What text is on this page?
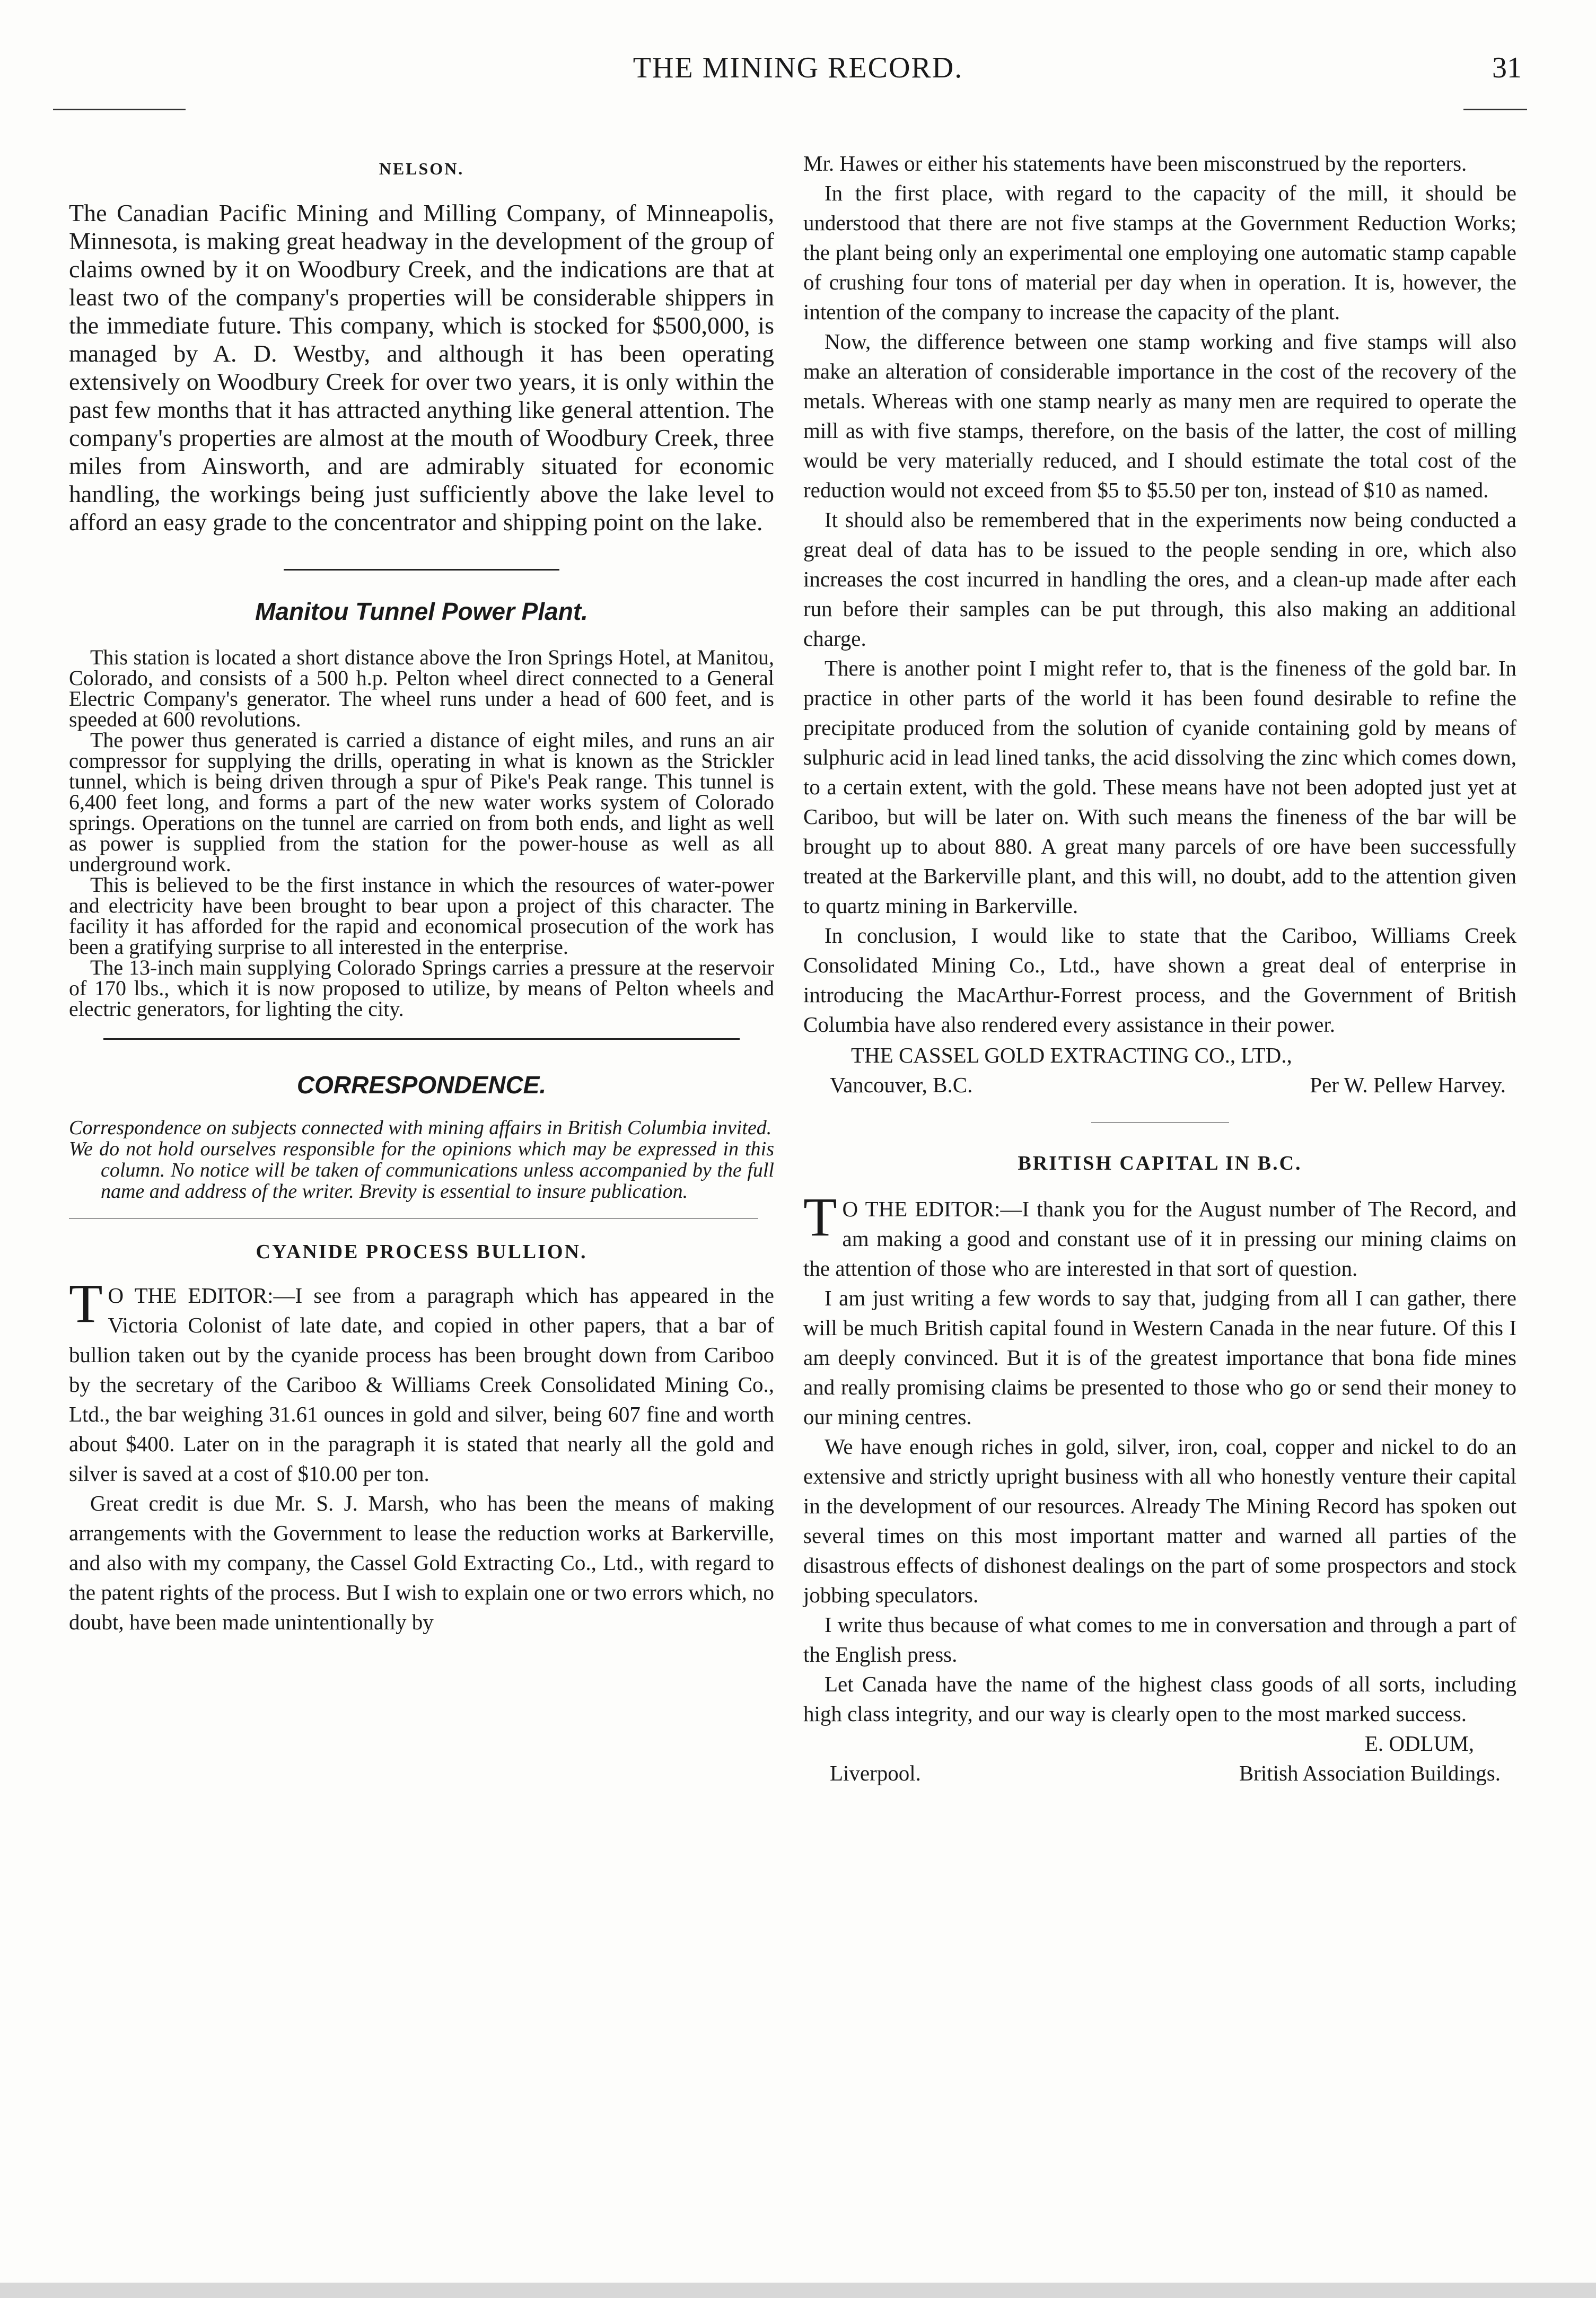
THE MINING RECORD.	31
NELSON.

The Canadian Pacific Mining and Milling Company, of Minneapolis, Minnesota, is making great headway in the development of the group of claims owned by it on Woodbury Creek, and the indications are that at least two of the company's properties will be considerable shippers in the immediate future. This company, which is stocked for $500,000, is managed by A. D. Westby, and although it has been operating extensively on Woodbury Creek for over two years, it is only within the past few months that it has attracted anything like general attention. The company's properties are almost at the mouth of Woodbury Creek, three miles from Ainsworth, and are admirably situated for economic handling, the workings being just sufficiently above the lake level to afford an easy grade to the concentrator and shipping point on the lake.

Manitou Tunnel Power Plant.

This station is located a short distance above the Iron Springs Hotel, at Manitou, Colorado, and consists of a 500 h.p. Pelton wheel direct connected to a General Electric Company's generator. The wheel runs under a head of 600 feet, and is speeded at 600 revolutions.

The power thus generated is carried a distance of eight miles, and runs an air compressor for supplying the drills, operating in what is known as the Strickler tunnel, which is being driven through a spur of Pike's Peak range. This tunnel is 6,400 feet long, and forms a part of the new water works system of Colorado springs. Operations on the tunnel are carried on from both ends, and light as well as power is supplied from the station for the power-house as well as all underground work.

This is believed to be the first instance in which the resources of water-power and electricity have been brought to bear upon a project of this character. The facility it has afforded for the rapid and economical prosecution of the work has been a gratifying surprise to all interested in the enterprise.

The 13-inch main supplying Colorado Springs carries a pressure at the reservoir of 170 lbs., which it is now proposed to utilize, by means of Pelton wheels and electric generators, for lighting the city.

CORRESPONDENCE.

Correspondence on subjects connected with mining affairs in British Columbia invited.

We do not hold ourselves responsible for the opinions which may be expressed in this column. No notice will be taken of communications unless accompanied by the full name and address of the writer. Brevity is essential to insure publication.

CYANIDE PROCESS BULLION.

T O THE EDITOR:—I see from a paragraph which has appeared in the Victoria Colonist of late date, and copied in other papers, that a bar of bullion taken out by the cyanide process has been brought down from Cariboo by the secretary of the Cariboo & Williams Creek Consolidated Mining Co., Ltd., the bar weighing 31.61 ounces in gold and silver, being 607 fine and worth about $400. Later on in the paragraph it is stated that nearly all the gold and silver is saved at a cost of $10.00 per ton.

Great credit is due Mr. S. J. Marsh, who has been the means of making arrangements with the Government to lease the reduction works at Barkerville, and also with my company, the Cassel Gold Extracting Co., Ltd., with regard to the patent rights of the process. But I wish to explain one or two errors which, no doubt, have been made unintentionally by

Mr. Hawes or either his statements have been misconstrued by the reporters.

In the first place, with regard to the capacity of the mill, it should be understood that there are not five stamps at the Government Reduction Works; the plant being only an experimental one employing one automatic stamp capable of crushing four tons of material per day when in operation. It is, however, the intention of the company to increase the capacity of the plant.

Now, the difference between one stamp working and five stamps will also make an alteration of considerable importance in the cost of the recovery of the metals. Whereas with one stamp nearly as many men are required to operate the mill as with five stamps, therefore, on the basis of the latter, the cost of milling would be very materially reduced, and I should estimate the total cost of the reduction would not exceed from $5 to $5.50 per ton, instead of $10 as named.

It should also be remembered that in the experiments now being conducted a great deal of data has to be issued to the people sending in ore, which also increases the cost incurred in handling the ores, and a clean-up made after each run before their samples can be put through, this also making an additional charge.

There is another point I might refer to, that is the fineness of the gold bar. In practice in other parts of the world it has been found desirable to refine the precipitate produced from the solution of cyanide containing gold by means of sulphuric acid in lead lined tanks, the acid dissolving the zinc which comes down, to a certain extent, with the gold. These means have not been adopted just yet at Cariboo, but will be later on. With such means the fineness of the bar will be brought up to about 880. A great many parcels of ore have been successfully treated at the Barkerville plant, and this will, no doubt, add to the attention given to quartz mining in Barkerville.

In conclusion, I would like to state that the Cariboo, Williams Creek Consolidated Mining Co., Ltd., have shown a great deal of enterprise in introducing the MacArthur-Forrest process, and the Government of British Columbia have also rendered every assistance in their power.

THE CASSEL GOLD EXTRACTING CO., LTD.,
Vancouver, B.C.	Per W. Pellew Harvey.
BRITISH CAPITAL IN B.C.

T O THE EDITOR:—I thank you for the August number of The Record, and am making a good and constant use of it in pressing our mining claims on the attention of those who are interested in that sort of question.

I am just writing a few words to say that, judging from all I can gather, there will be much British capital found in Western Canada in the near future. Of this I am deeply convinced. But it is of the greatest importance that bona fide mines and really promising claims be presented to those who go or send their money to our mining centres.

We have enough riches in gold, silver, iron, coal, copper and nickel to do an extensive and strictly upright business with all who honestly venture their capital in the development of our resources. Already The Mining Record has spoken out several times on this most important matter and warned all parties of the disastrous effects of dishonest dealings on the part of some prospectors and stock jobbing speculators.

I write thus because of what comes to me in conversation and through a part of the English press.

Let Canada have the name of the highest class goods of all sorts, including high class integrity, and our way is clearly open to the most marked success.

E. ODLUM,
Liverpool.	British Association Buildings.
